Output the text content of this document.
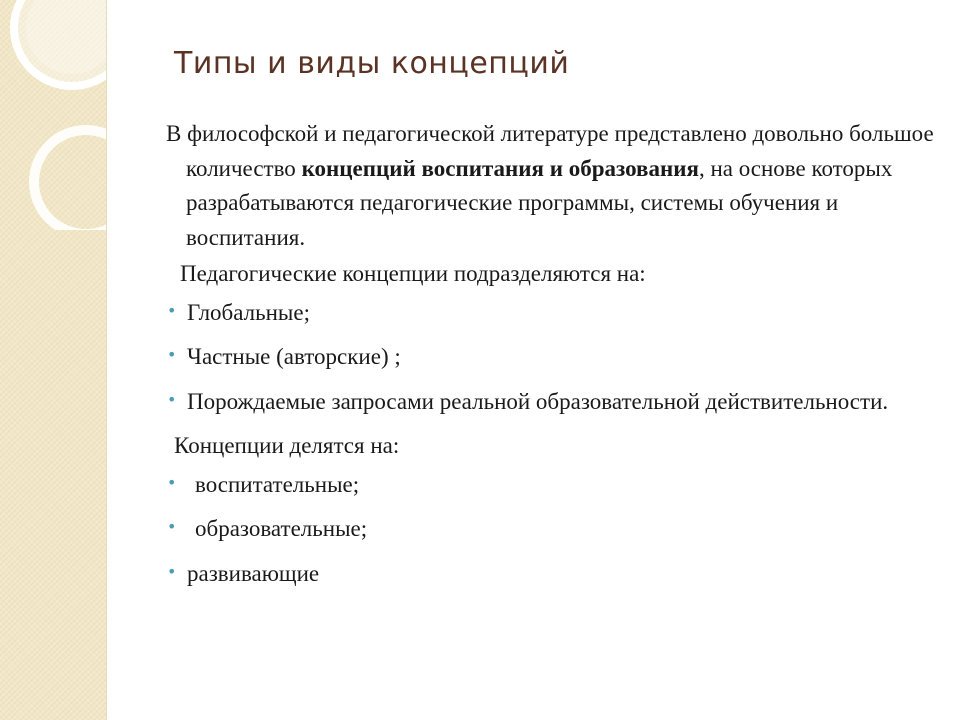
Типы и виды концепций

В философской и педагогической литературе представлено довольно большое количество концепций воспитания и образования, на основе которых разрабатываются педагогические программы, системы обучения и воспитания.

Педагогические концепции подразделяются на:

• Глобальные;
• Частные (авторские) ;
• Порождаемые запросами реальной образовательной действительности.

Концепции делятся на:

• воспитательные;
• образовательные;
• развивающие
